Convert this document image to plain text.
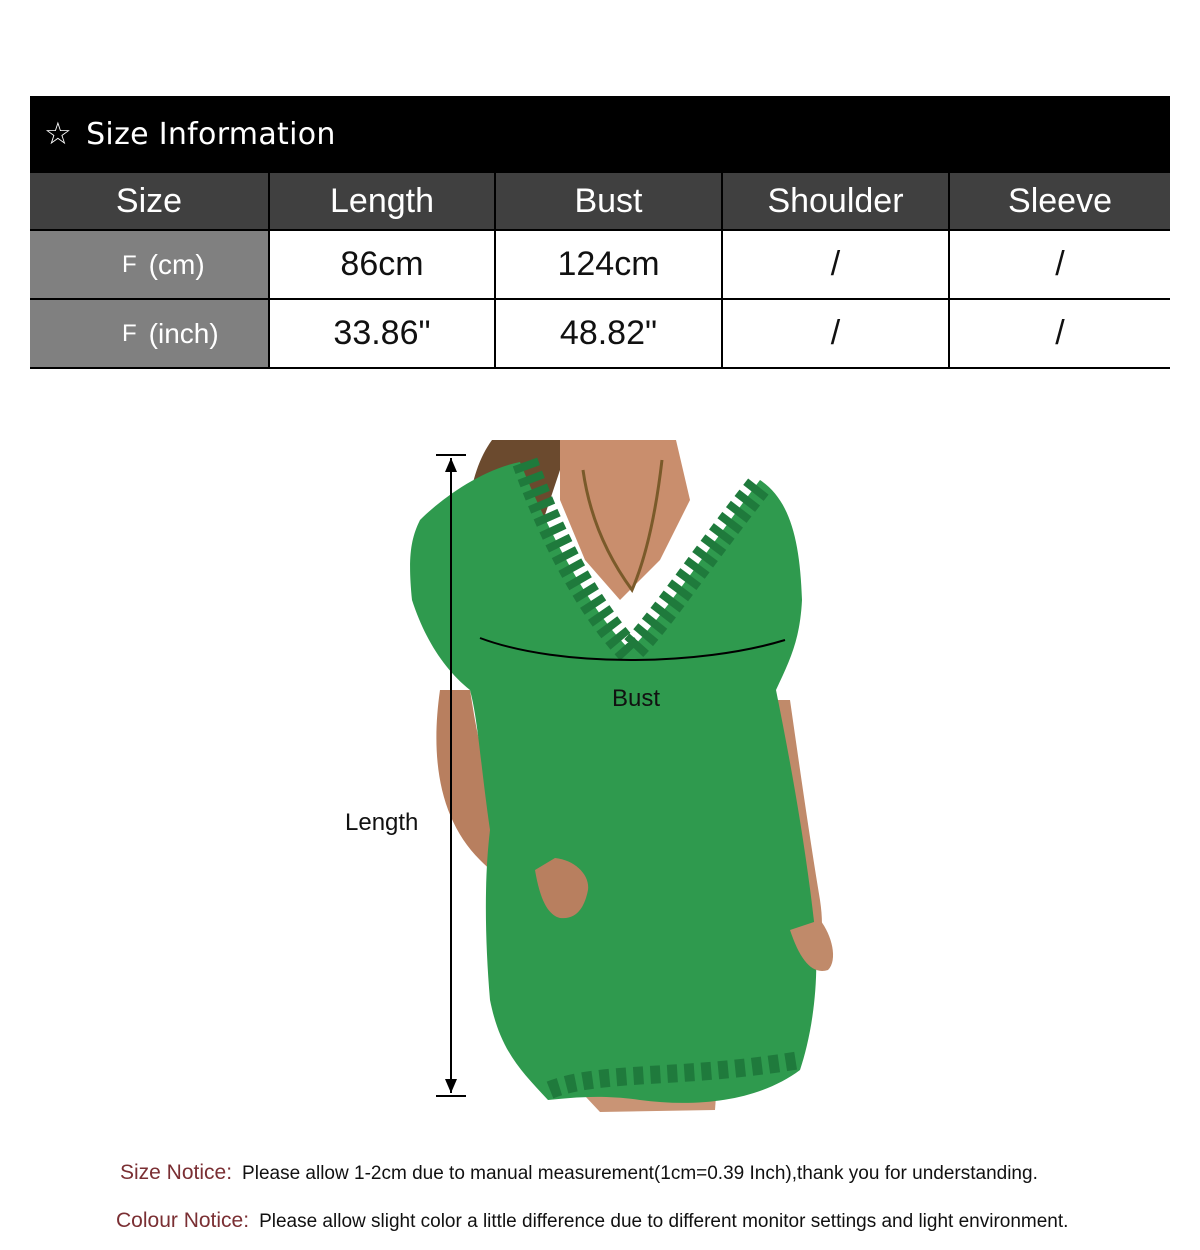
☆ Size Information
Size	Length	Bust	Shoulder	Sleeve
F (cm)	86cm	124cm	/	/
F (inch)	33.86"	48.82"	/	/
Bust
Length
Size Notice: Please allow 1-2cm due to manual measurement(1cm=0.39 Inch),thank you for understanding.
Colour Notice: Please allow slight color a little difference due to different monitor settings and light environment.
